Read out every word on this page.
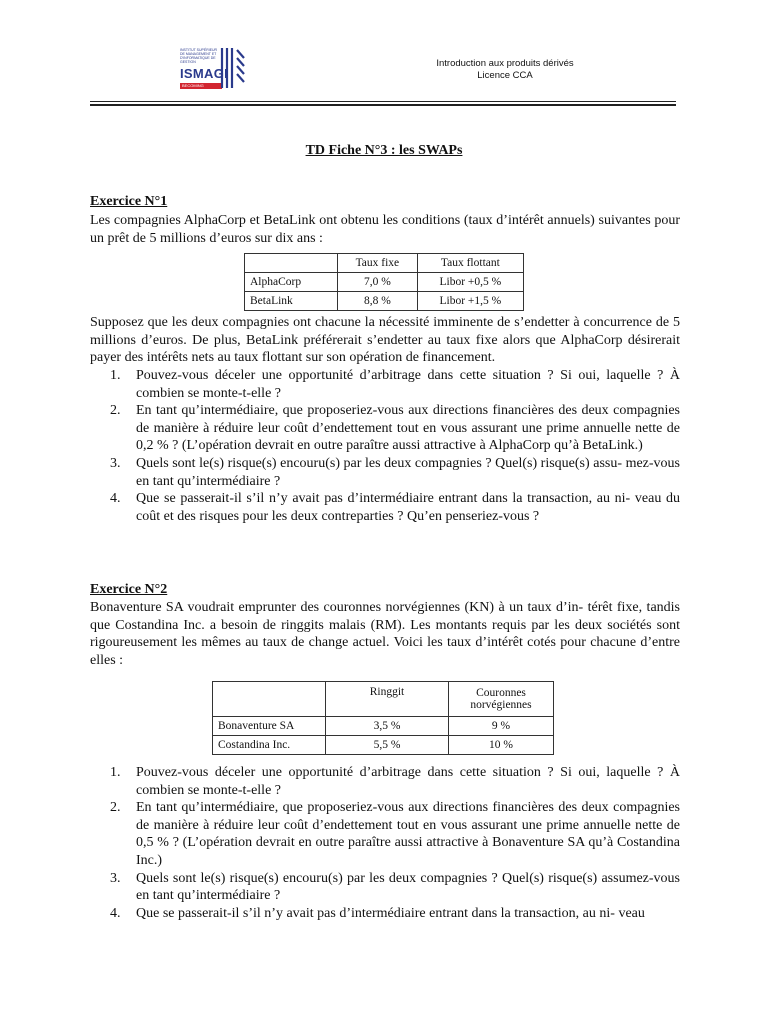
INSTITUT SUPÉRIEUR DE MANAGEMENT ET D'INFORMATIQUE DE GESTION
ISMAGI
BECOMING PROFICIENT
Introduction aux produits dérivés
Licence CCA
TD Fiche N°3 : les SWAPs
Exercice N°1
Les compagnies AlphaCorp et BetaLink ont obtenu les conditions (taux d’intérêt annuels) suivantes pour un prêt de 5 millions d’euros sur dix ans :
	Taux fixe	Taux flottant
AlphaCorp	7,0 %	Libor +0,5 %
BetaLink	8,8 %	Libor +1,5 %
Supposez que les deux compagnies ont chacune la nécessité imminente de s’endetter à concurrence de 5 millions d’euros. De plus, BetaLink préférerait s’endetter au taux fixe alors que AlphaCorp désirerait payer des intérêts nets au taux flottant sur son opération de financement.
1. Pouvez-vous déceler une opportunité d’arbitrage dans cette situation ? Si oui, laquelle ? À combien se monte-t-elle ?
2. En tant qu’intermédiaire, que proposeriez-vous aux directions financières des deux compagnies de manière à réduire leur coût d’endettement tout en vous assurant une prime annuelle nette de 0,2 % ? (L’opération devrait en outre paraître aussi attractive à AlphaCorp qu’à BetaLink.)
3. Quels sont le(s) risque(s) encouru(s) par les deux compagnies ? Quel(s) risque(s) assu- mez-vous en tant qu’intermédiaire ?
4. Que se passerait-il s’il n’y avait pas d’intermédiaire entrant dans la transaction, au ni- veau du coût et des risques pour les deux contreparties ? Qu’en penseriez-vous ?
Exercice N°2
Bonaventure SA voudrait emprunter des couronnes norvégiennes (KN) à un taux d’in- térêt fixe, tandis que Costandina Inc. a besoin de ringgits malais (RM). Les montants requis par les deux sociétés sont rigoureusement les mêmes au taux de change actuel. Voici les taux d’intérêt cotés pour chacune d’entre elles :
	Ringgit	Couronnes norvégiennes
Bonaventure SA	3,5 %	9 %
Costandina Inc.	5,5 %	10 %
1. Pouvez-vous déceler une opportunité d’arbitrage dans cette situation ? Si oui, laquelle ? À combien se monte-t-elle ?
2. En tant qu’intermédiaire, que proposeriez-vous aux directions financières des deux compagnies de manière à réduire leur coût d’endettement tout en vous assurant une prime annuelle nette de 0,5 % ? (L’opération devrait en outre paraître aussi attractive à Bonaventure SA qu’à Costandina Inc.)
3. Quels sont le(s) risque(s) encouru(s) par les deux compagnies ? Quel(s) risque(s) assumez-vous en tant qu’intermédiaire ?
4. Que se passerait-il s’il n’y avait pas d’intermédiaire entrant dans la transaction, au ni- veau
